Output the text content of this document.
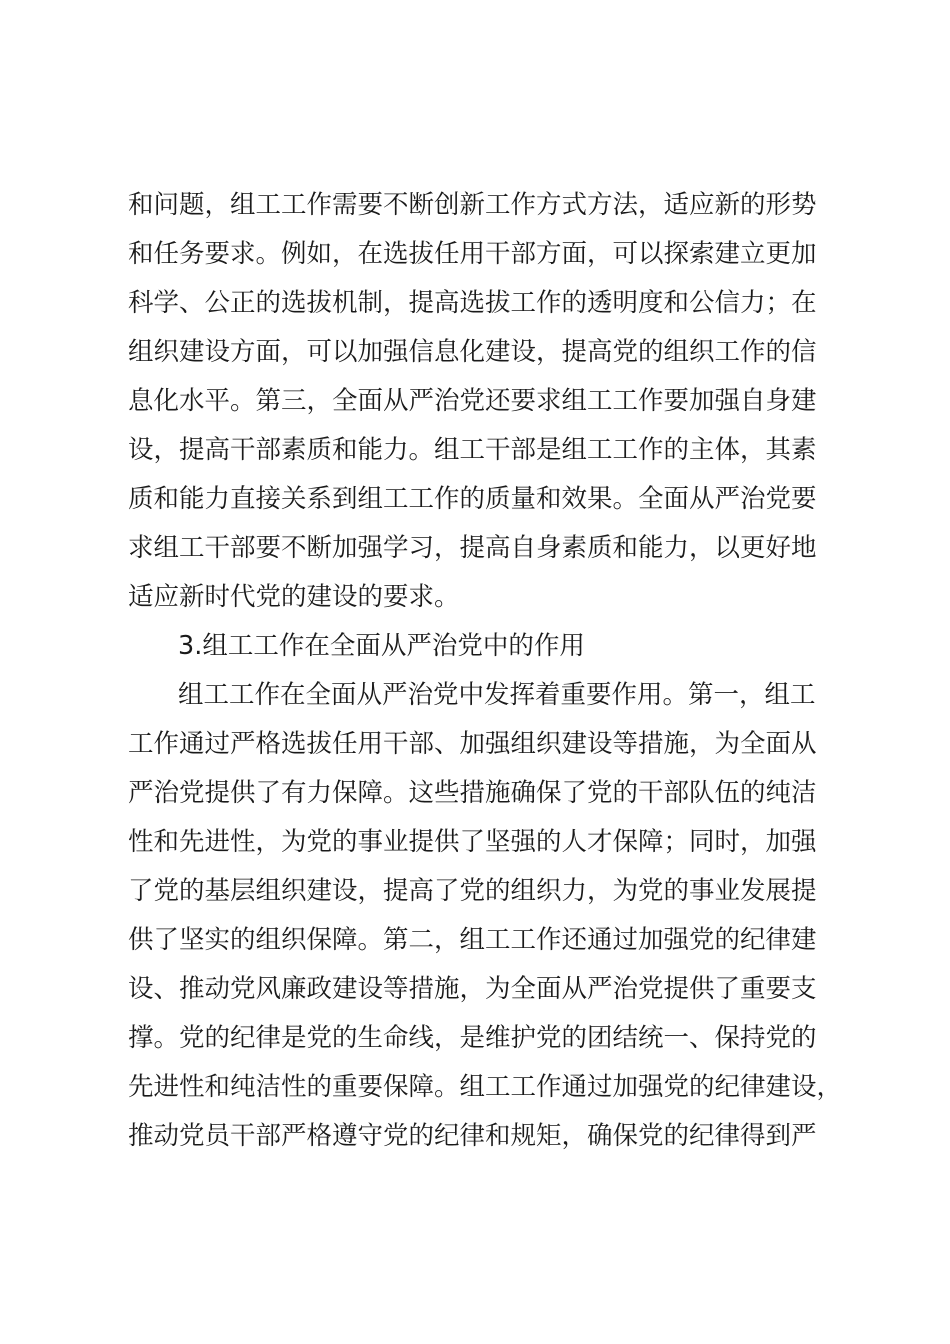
和问题，组工工作需要不断创新工作方式方法，适应新的形势
和任务要求。例如，在选拔任用干部方面，可以探索建立更加
科学、公正的选拔机制，提高选拔工作的透明度和公信力；在
组织建设方面，可以加强信息化建设，提高党的组织工作的信
息化水平。第三，全面从严治党还要求组工工作要加强自身建
设，提高干部素质和能力。组工干部是组工工作的主体，其素
质和能力直接关系到组工工作的质量和效果。全面从严治党要
求组工干部要不断加强学习，提高自身素质和能力，以更好地
适应新时代党的建设的要求。
3.组工工作在全面从严治党中的作用
组工工作在全面从严治党中发挥着重要作用。第一，组工
工作通过严格选拔任用干部、加强组织建设等措施，为全面从
严治党提供了有力保障。这些措施确保了党的干部队伍的纯洁
性和先进性，为党的事业提供了坚强的人才保障；同时，加强
了党的基层组织建设，提高了党的组织力，为党的事业发展提
供了坚实的组织保障。第二，组工工作还通过加强党的纪律建
设、推动党风廉政建设等措施，为全面从严治党提供了重要支
撑。党的纪律是党的生命线，是维护党的团结统一、保持党的
先进性和纯洁性的重要保障。组工工作通过加强党的纪律建设，
推动党员干部严格遵守党的纪律和规矩，确保党的纪律得到严
